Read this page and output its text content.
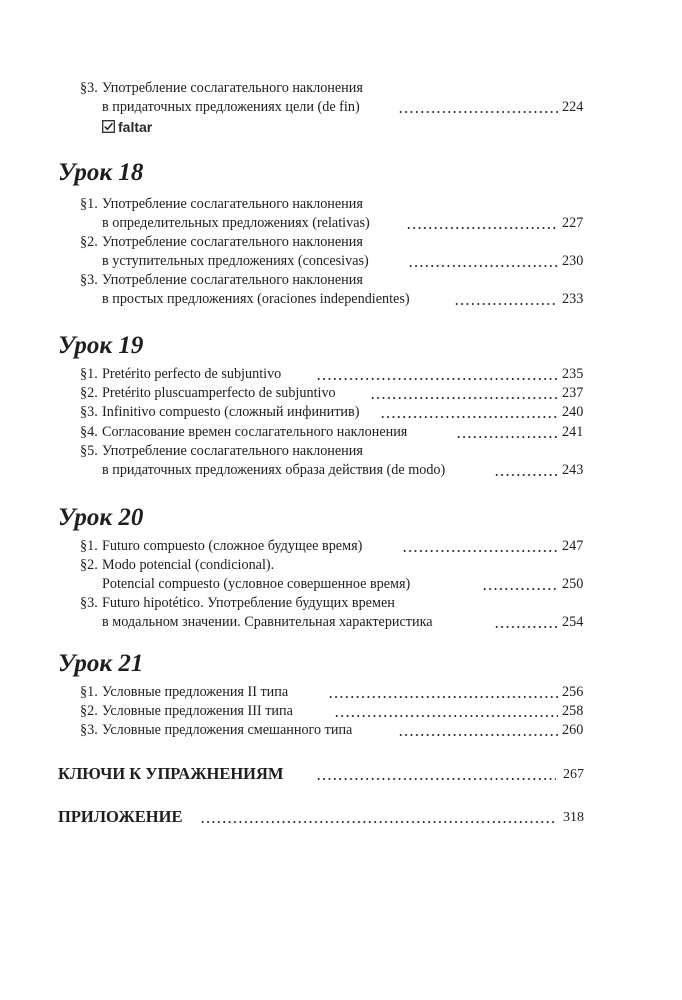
§3. Употребление сослагательного наклонения
в придаточных предложениях цели (de fin)	224
faltar
Урок 18
§1. Употребление сослагательного наклонения
в определительных предложениях (relativas)	227
§2. Употребление сослагательного наклонения
в уступительных предложениях (concesivas)	230
§3. Употребление сослагательного наклонения
в простых предложениях (oraciones independientes)	233
Урок 19
§1. Pretérito perfecto de subjuntivo	235
§2. Pretérito pluscuamperfecto de subjuntivo	237
§3. Infinitivo compuesto (сложный инфинитив)	240
§4. Согласование времен сослагательного наклонения	241
§5. Употребление сослагательного наклонения
в придаточных предложениях образа действия (de modo)	243
Урок 20
§1. Futuro compuesto (сложное будущее время)	247
§2. Modo potencial (condicional).
Potencial compuesto (условное совершенное время)	250
§3. Futuro hipotético. Употребление будущих времен
в модальном значении. Сравнительная характеристика	254
Урок 21
§1. Условные предложения II типа	256
§2. Условные предложения III типа	258
§3. Условные предложения смешанного типа	260
КЛЮЧИ К УПРАЖНЕНИЯМ	267
ПРИЛОЖЕНИЕ	318
